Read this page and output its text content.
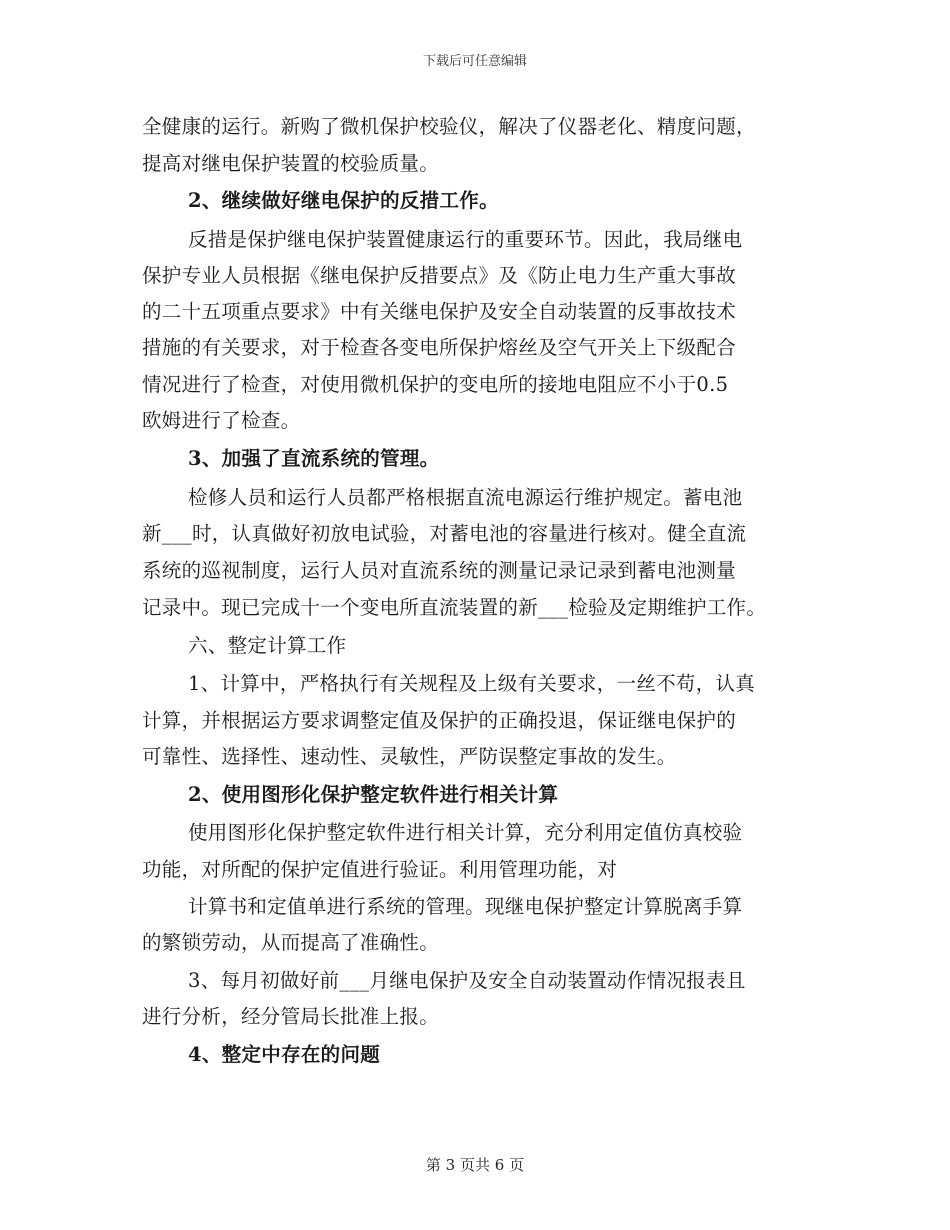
下载后可任意编辑
全健康的运行。新购了微机保护校验仪，解决了仪器老化、精度问题，
提高对继电保护装置的校验质量。
2、继续做好继电保护的反措工作。
反措是保护继电保护装置健康运行的重要环节。因此，我局继电
保护专业人员根据《继电保护反措要点》及《防止电力生产重大事故
的二十五项重点要求》中有关继电保护及安全自动装置的反事故技术
措施的有关要求，对于检查各变电所保护熔丝及空气开关上下级配合
情况进行了检查，对使用微机保护的变电所的接地电阻应不小于0.5
欧姆进行了检查。
3、加强了直流系统的管理。
检修人员和运行人员都严格根据直流电源运行维护规定。蓄电池
新___时，认真做好初放电试验，对蓄电池的容量进行核对。健全直流
系统的巡视制度，运行人员对直流系统的测量记录记录到蓄电池测量
记录中。现已完成十一个变电所直流装置的新___检验及定期维护工作。
六、整定计算工作
1、计算中，严格执行有关规程及上级有关要求，一丝不苟，认真
计算，并根据运方要求调整定值及保护的正确投退，保证继电保护的
可靠性、选择性、速动性、灵敏性，严防误整定事故的发生。
2、使用图形化保护整定软件进行相关计算
使用图形化保护整定软件进行相关计算，充分利用定值仿真校验
功能，对所配的保护定值进行验证。利用管理功能，对
计算书和定值单进行系统的管理。现继电保护整定计算脱离手算
的繁锁劳动，从而提高了准确性。
3、每月初做好前___月继电保护及安全自动装置动作情况报表且
进行分析，经分管局长批准上报。
4、整定中存在的问题
第 3 页共 6 页
